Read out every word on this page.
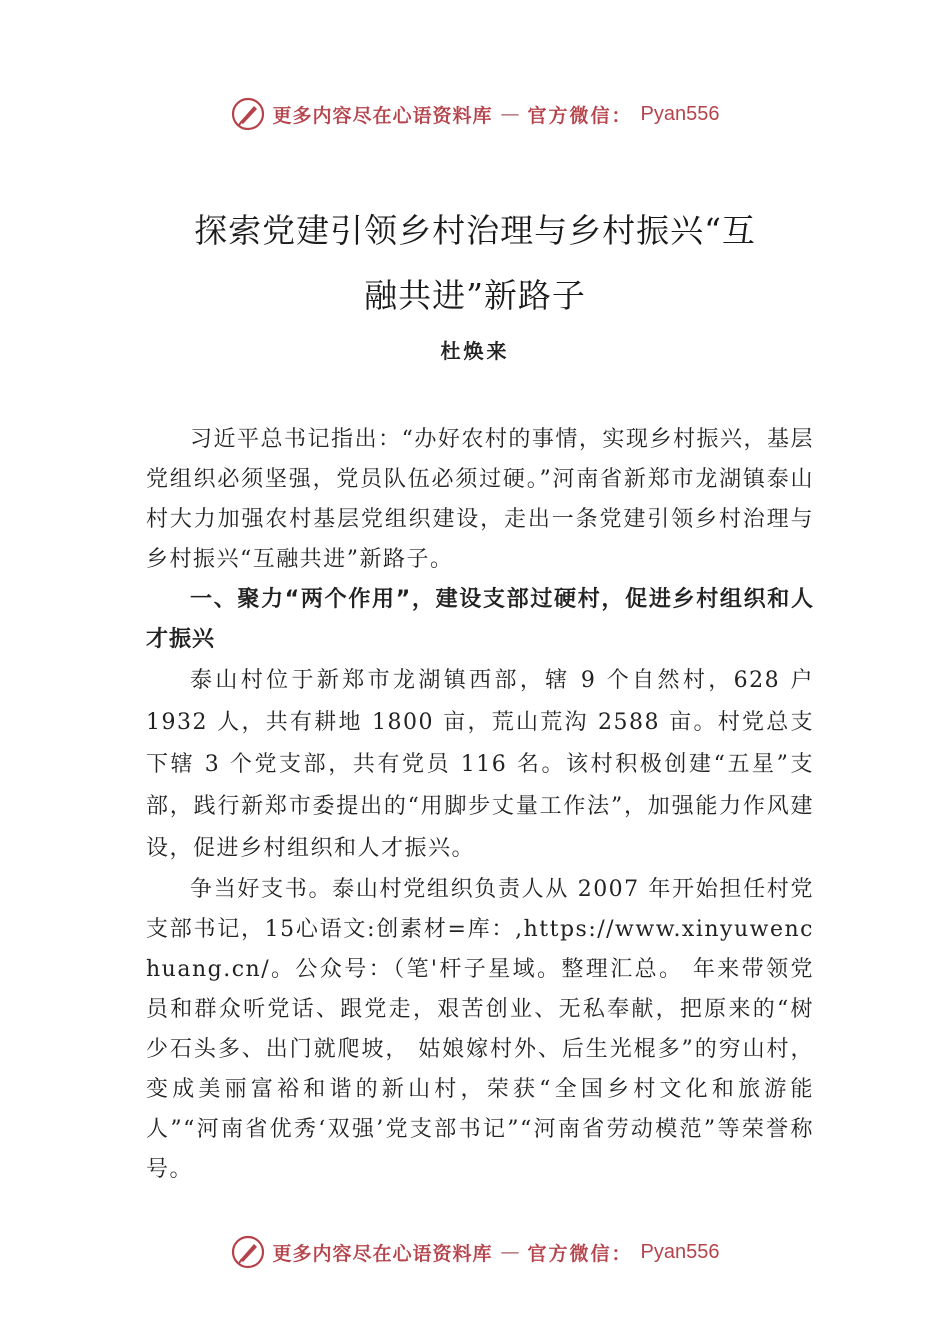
更多内容尽在心语资料库 — 官方微信： Pyan556
探索党建引领乡村治理与乡村振兴“互
融共进”新路子
杜焕来

习近平总书记指出：“办好农村的事情，实现乡村振兴，基层党组织必须坚强，党员队伍必须过硬。”河南省新郑市龙湖镇泰山村大力加强农村基层党组织建设，走出一条党建引领乡村治理与乡村振兴“互融共进”新路子。

一、聚力“两个作用”，建设支部过硬村，促进乡村组织和人才振兴

泰山村位于新郑市龙湖镇西部，辖 9 个自然村，628 户 1932 人，共有耕地 1800 亩，荒山荒沟 2588 亩。村党总支下辖 3 个党支部，共有党员 116 名。该村积极创建“五星”支部，践行新郑市委提出的“用脚步丈量工作法”，加强能力作风建设，促进乡村组织和人才振兴。

争当好支书。泰山村党组织负责人从 2007 年开始担任村党支部书记，15心语文:创素材=库：,https://www.xinyuwenchuang.cn/。公众号：（笔'杆子星域。整理汇总。 年来带领党员和群众听党话、跟党走，艰苦创业、无私奉献，把原来的“树少石头多、出门就爬坡， 姑娘嫁村外、后生光棍多”的穷山村，变成美丽富裕和谐的新山村，荣获“全国乡村文化和旅游能人”“河南省优秀‘双强’党支部书记”“河南省劳动模范”等荣誉称号。

更多内容尽在心语资料库 — 官方微信： Pyan556
